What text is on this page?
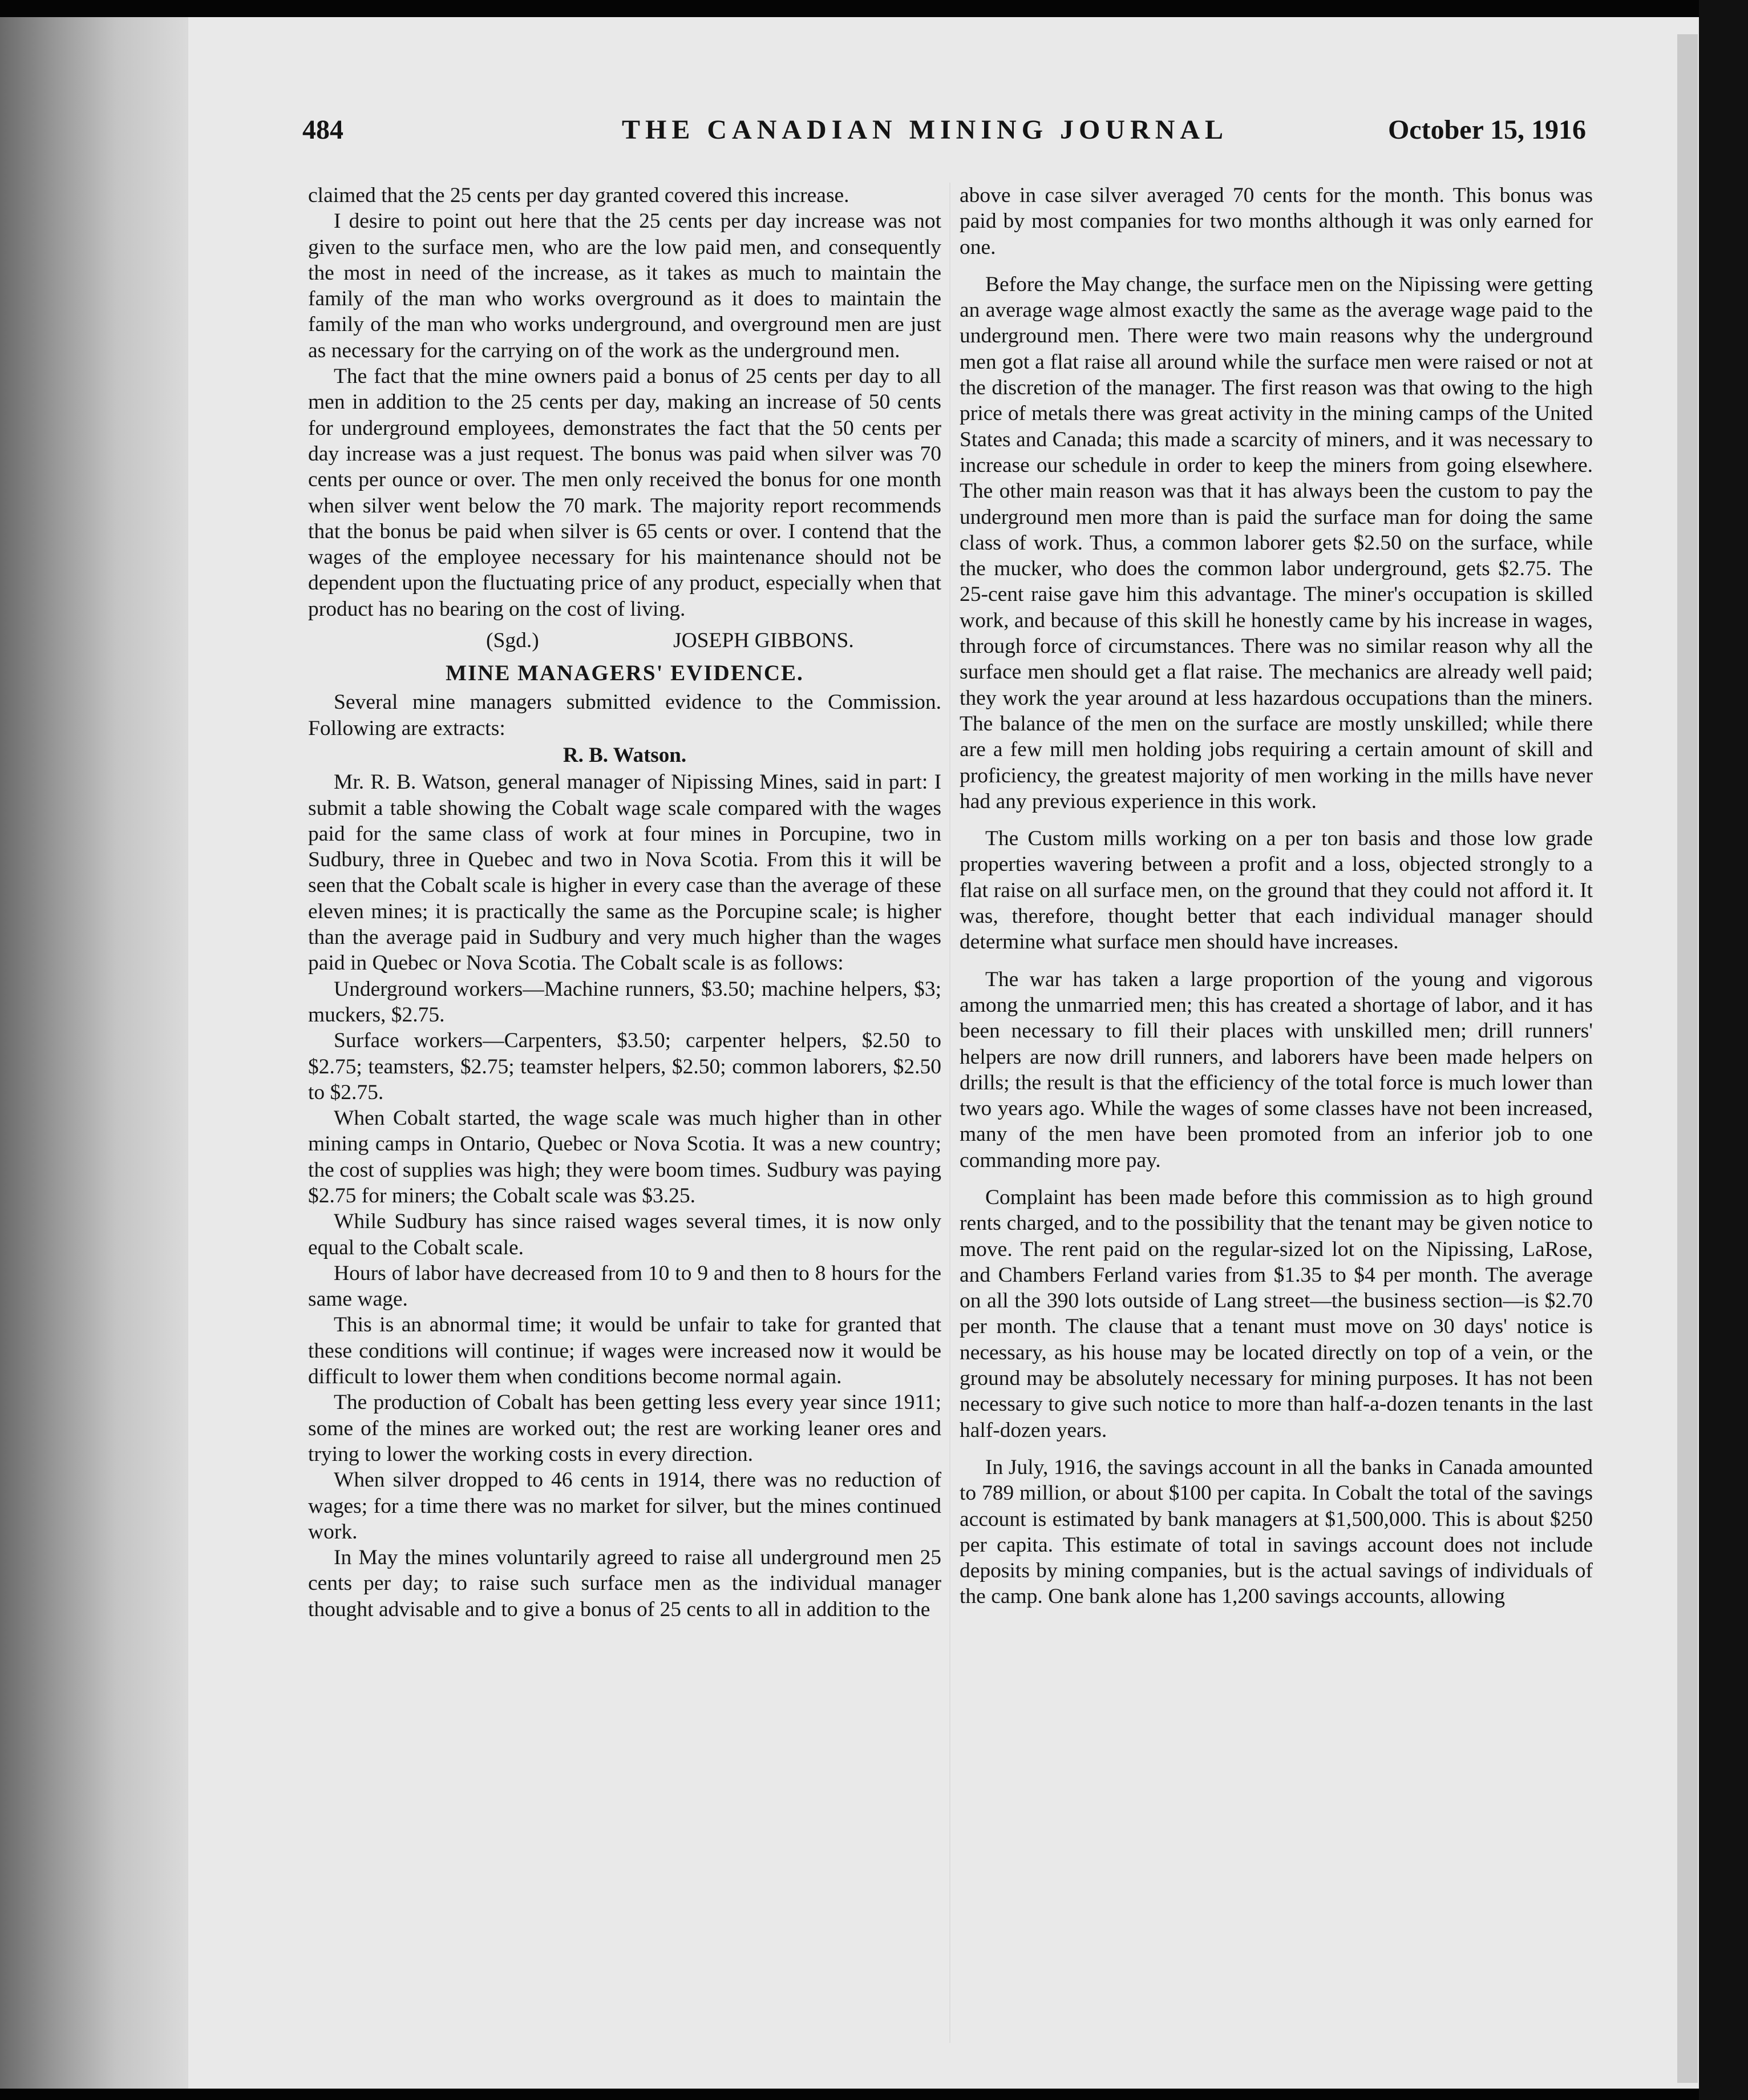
484	THE CANADIAN MINING JOURNAL	October 15, 1916

claimed that the 25 cents per day granted covered this increase.

I desire to point out here that the 25 cents per day increase was not given to the surface men, who are the low paid men, and consequently the most in need of the increase, as it takes as much to maintain the family of the man who works overground as it does to maintain the family of the man who works underground, and overground men are just as necessary for the carrying on of the work as the underground men.

The fact that the mine owners paid a bonus of 25 cents per day to all men in addition to the 25 cents per day, making an increase of 50 cents for underground employees, demonstrates the fact that the 50 cents per day increase was a just request. The bonus was paid when silver was 70 cents per ounce or over. The men only received the bonus for one month when silver went below the 70 mark. The majority report recommends that the bonus be paid when silver is 65 cents or over. I contend that the wages of the employee necessary for his maintenance should not be dependent upon the fluctuating price of any product, especially when that product has no bearing on the cost of living.

(Sgd.)	JOSEPH GIBBONS.
MINE MANAGERS' EVIDENCE.

Several mine managers submitted evidence to the Commission. Following are extracts:

R. B. Watson.

Mr. R. B. Watson, general manager of Nipissing Mines, said in part: I submit a table showing the Cobalt wage scale compared with the wages paid for the same class of work at four mines in Porcupine, two in Sudbury, three in Quebec and two in Nova Scotia. From this it will be seen that the Cobalt scale is higher in every case than the average of these eleven mines; it is practically the same as the Porcupine scale; is higher than the average paid in Sudbury and very much higher than the wages paid in Quebec or Nova Scotia. The Cobalt scale is as follows:

Underground workers—Machine runners, $3.50; machine helpers, $3; muckers, $2.75.

Surface workers—Carpenters, $3.50; carpenter helpers, $2.50 to $2.75; teamsters, $2.75; teamster helpers, $2.50; common laborers, $2.50 to $2.75.

When Cobalt started, the wage scale was much higher than in other mining camps in Ontario, Quebec or Nova Scotia. It was a new country; the cost of supplies was high; they were boom times. Sudbury was paying $2.75 for miners; the Cobalt scale was $3.25.

While Sudbury has since raised wages several times, it is now only equal to the Cobalt scale.

Hours of labor have decreased from 10 to 9 and then to 8 hours for the same wage.

This is an abnormal time; it would be unfair to take for granted that these conditions will continue; if wages were increased now it would be difficult to lower them when conditions become normal again.

The production of Cobalt has been getting less every year since 1911; some of the mines are worked out; the rest are working leaner ores and trying to lower the working costs in every direction.

When silver dropped to 46 cents in 1914, there was no reduction of wages; for a time there was no market for silver, but the mines continued work.

In May the mines voluntarily agreed to raise all underground men 25 cents per day; to raise such surface men as the individual manager thought advisable and to give a bonus of 25 cents to all in addition to the

above in case silver averaged 70 cents for the month. This bonus was paid by most companies for two months although it was only earned for one.

Before the May change, the surface men on the Nipissing were getting an average wage almost exactly the same as the average wage paid to the underground men. There were two main reasons why the underground men got a flat raise all around while the surface men were raised or not at the discretion of the manager. The first reason was that owing to the high price of metals there was great activity in the mining camps of the United States and Canada; this made a scarcity of miners, and it was necessary to increase our schedule in order to keep the miners from going elsewhere. The other main reason was that it has always been the custom to pay the underground men more than is paid the surface man for doing the same class of work. Thus, a common laborer gets $2.50 on the surface, while the mucker, who does the common labor underground, gets $2.75. The 25-cent raise gave him this advantage. The miner's occupation is skilled work, and because of this skill he honestly came by his increase in wages, through force of circumstances. There was no similar reason why all the surface men should get a flat raise. The mechanics are already well paid; they work the year around at less hazardous occupations than the miners. The balance of the men on the surface are mostly unskilled; while there are a few mill men holding jobs requiring a certain amount of skill and proficiency, the greatest majority of men working in the mills have never had any previous experience in this work.

The Custom mills working on a per ton basis and those low grade properties wavering between a profit and a loss, objected strongly to a flat raise on all surface men, on the ground that they could not afford it. It was, therefore, thought better that each individual manager should determine what surface men should have increases.

The war has taken a large proportion of the young and vigorous among the unmarried men; this has created a shortage of labor, and it has been necessary to fill their places with unskilled men; drill runners' helpers are now drill runners, and laborers have been made helpers on drills; the result is that the efficiency of the total force is much lower than two years ago. While the wages of some classes have not been increased, many of the men have been promoted from an inferior job to one commanding more pay.

Complaint has been made before this commission as to high ground rents charged, and to the possibility that the tenant may be given notice to move. The rent paid on the regular-sized lot on the Nipissing, LaRose, and Chambers Ferland varies from $1.35 to $4 per month. The average on all the 390 lots outside of Lang street—the business section—is $2.70 per month. The clause that a tenant must move on 30 days' notice is necessary, as his house may be located directly on top of a vein, or the ground may be absolutely necessary for mining purposes. It has not been necessary to give such notice to more than half-a-dozen tenants in the last half-dozen years.

In July, 1916, the savings account in all the banks in Canada amounted to 789 million, or about $100 per capita. In Cobalt the total of the savings account is estimated by bank managers at $1,500,000. This is about $250 per capita. This estimate of total in savings account does not include deposits by mining companies, but is the actual savings of individuals of the camp. One bank alone has 1,200 savings accounts, allowing
